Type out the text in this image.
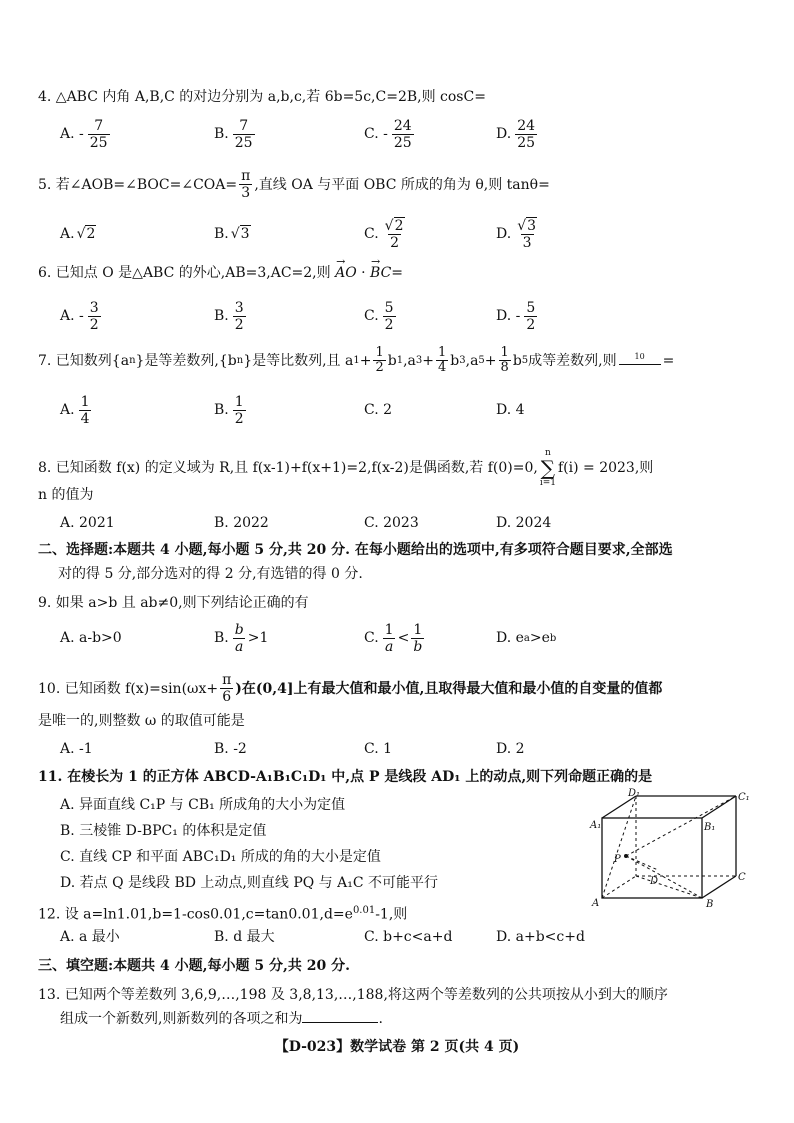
4. △ABC 内角 A,B,C 的对边分别为 a,b,c,若 6b=5c,C=2B,则 cosC=
A. - $\frac{7}{25}$	B. $\frac{7}{25}$	C. - $\frac{24}{25}$	D. $\frac{24}{25}$
5. 若∠AOB=∠BOC=∠COA= $\frac{\pi}{3}$ ,直线 OA 与平面 OBC 所成的角为 θ,则 tanθ=
A. √2	B. √3	C. $\frac{√2}{2}$	D. $\frac{√3}{3}$
6. 已知点 O 是△ABC 的外心,AB=3,AC=2,则 → AO · → BC=
A. - $\frac{3}{2}$	B. $\frac{3}{2}$	C. $\frac{5}{2}$	D. - $\frac{5}{2}$
7. 已知数列{a n }是等差数列,{b n }是等比数列,且 a $1 + \frac{1}{2}$ b 1 ,a $3 + \frac{1}{4}$ b 3 ,a $5 + \frac{1}{8}$ b 5 成等差数列,则 10 =
A. $\frac{1}{4}$	B. $\frac{1}{2}$	C. 2	D. 4
8. 已知函数 f(x) 的定义域为 R,且 f(x-1)+f(x+1)=2,f(x-2)是偶函数,若 f(0)=0,
n
∑
i=1
f(i) = 2023,则
n 的值为
A. 2021	B. 2022	C. 2023	D. 2024
二、选择题:本题共 4 小题,每小题 5 分,共 20 分. 在每小题给出的选项中,有多项符合题目要求,全部选
对的得 5 分,部分选对的得 2 分,有选错的得 0 分.
9. 如果 a>b 且 ab≠0,则下列结论正确的有
A. a-b>0	B. $\frac{b}{a} >1$	C. $\frac{1}{a} < \frac{1}{b}$	D. e a >e b
10. 已知函数 $f(x)=\sin(\omega x+ \frac{\pi}{6}$ )在(0,4]上有最大值和最小值,且取得最大值和最小值的自变量的值都
是唯一的,则整数 ω 的取值可能是
A. -1	B. -2	C. 1	D. 2
11. 在棱长为 1 的正方体 ABCD-A₁B₁C₁D₁ 中,点 P 是线段 AD₁ 上的动点,则下列命题正确的是
A. 异面直线 C₁P 与 CB₁ 所成角的大小为定值
B. 三棱锥 D-BPC₁ 的体积是定值
C. 直线 CP 和平面 ABC₁D₁ 所成的角的大小是定值
D. 若点 Q 是线段 BD 上动点,则直线 PQ 与 A₁C 不可能平行
D₁	C₁
A₁	B₁
P
D	C
A	B
12. 设 $a=\ln 1.01,b=1-\cos 0.01,c=\tan 0.01,d=e^{0.01}-1$,则
A. a 最小	B. d 最大	C. b+c<a+d	D. a+b<c+d
三、填空题:本题共 4 小题,每小题 5 分,共 20 分.
13. 已知两个等差数列 3,6,9,…,198 及 3,8,13,…,188,将这两个等差数列的公共项按从小到大的顺序
组成一个新数列,则新数列的各项之和为	.
【D-023】数学试卷 第 2 页(共 4 页)
